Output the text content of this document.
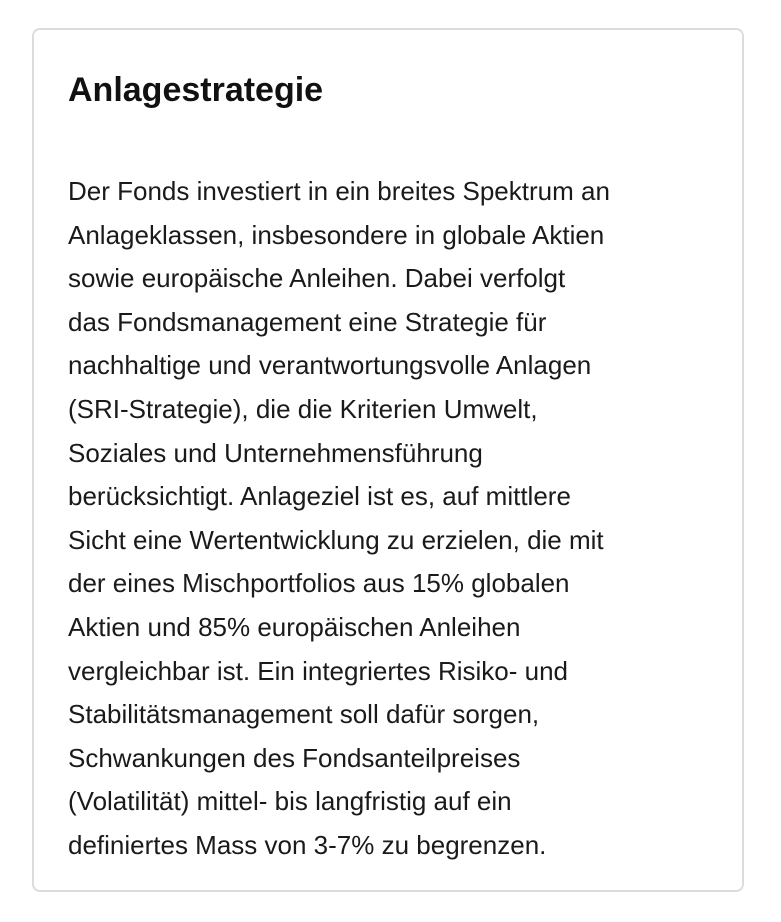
Anlagestrategie

Der Fonds investiert in ein breites Spektrum an
Anlageklassen, insbesondere in globale Aktien
sowie europäische Anleihen. Dabei verfolgt
das Fondsmanagement eine Strategie für
nachhaltige und verantwortungsvolle Anlagen
(SRI-Strategie), die die Kriterien Umwelt,
Soziales und Unternehmensführung
berücksichtigt. Anlageziel ist es, auf mittlere
Sicht eine Wertentwicklung zu erzielen, die mit
der eines Mischportfolios aus 15% globalen
Aktien und 85% europäischen Anleihen
vergleichbar ist. Ein integriertes Risiko- und
Stabilitätsmanagement soll dafür sorgen,
Schwankungen des Fondsanteilpreises
(Volatilität) mittel- bis langfristig auf ein
definiertes Mass von 3-7% zu begrenzen.
